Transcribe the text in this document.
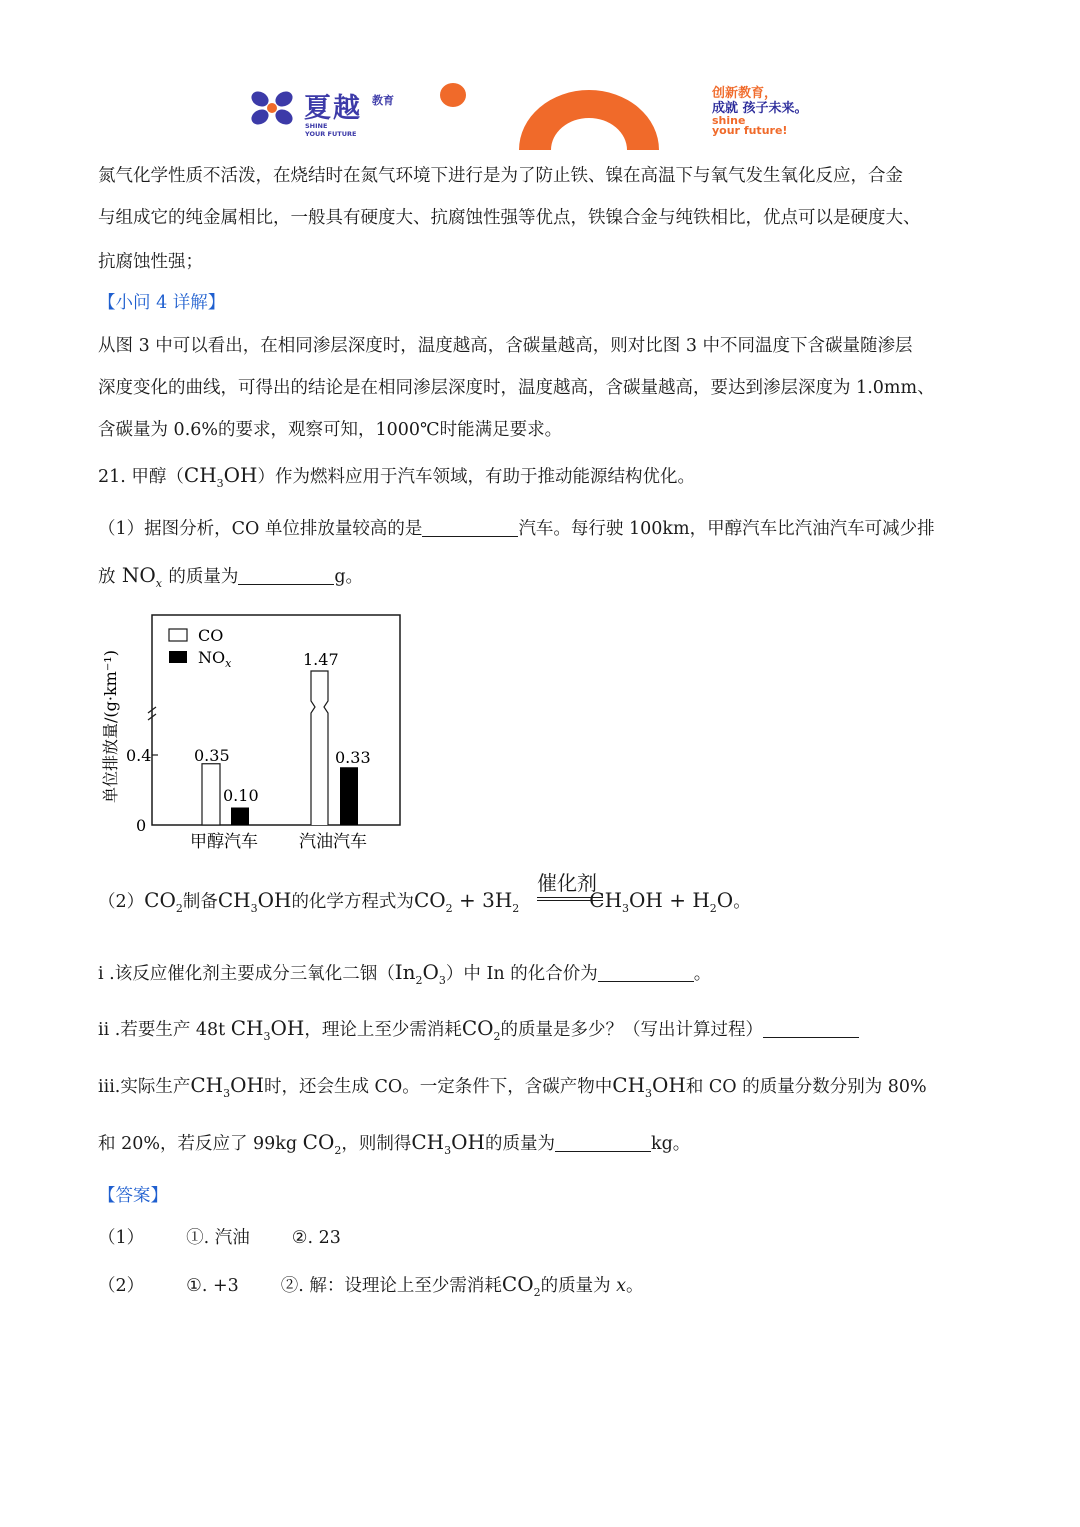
夏越 教育
SHINE
YOUR FUTURE
创新教育，
成就 孩子未来。
shine
your future!
氮气化学性质不活泼，在烧结时在氮气环境下进行是为了防止铁、镍在高温下与氧气发生氧化反应，合金
与组成它的纯金属相比，一般具有硬度大、抗腐蚀性强等优点，铁镍合金与纯铁相比，优点可以是硬度大、
抗腐蚀性强；
【小问 4 详解】
从图 3 中可以看出，在相同渗层深度时，温度越高，含碳量越高，则对比图 3 中不同温度下含碳量随渗层
深度变化的曲线，可得出的结论是在相同渗层深度时，温度越高，含碳量越高，要达到渗层深度为 1.0mm、
含碳量为 0.6%的要求，观察可知，1000℃时能满足要求。
21. 甲醇$(CH_3OH)$作为燃料应用于汽车领域，有助于推动能源结构优化。
（1）据图分析，CO 单位排放量较高的是	汽车。每行驶 100km，甲醇汽车比汽油汽车可减少排
放 $NO_x$ 的质量为	g。
0.4
0
单位排放量/(g·km⁻¹)
CO
$NO_x$
0.35
0.10
1.47
0.33
甲醇汽车 汽油汽车
催化剂
$(2)CO_2$制备$CH_3OH$的化学方程式为$CO_2 + 3H_2$	$CH_3OH + H_2O$。
i .该反应催化剂主要成分三氧化二铟$(In_2O_3)$中 In 的化合价为	。
ii .若要生产 48t $CH_3OH$，理论上至少需消耗$CO_2$的质量是多少？（写出计算过程）
iii.实际生产$CH_3OH$时，还会生成 CO。一定条件下，含碳产物中$CH_3OH$和 CO 的质量分数分别为 80%
和 20%，若反应了 99kg $CO_2$，则制得$CH_3OH$的质量为	kg。
【答案】
（1） ①. 汽油 ②. 23
（2） ①. +3 ②. 解：设理论上至少需消耗$CO_2$的质量为 x。
